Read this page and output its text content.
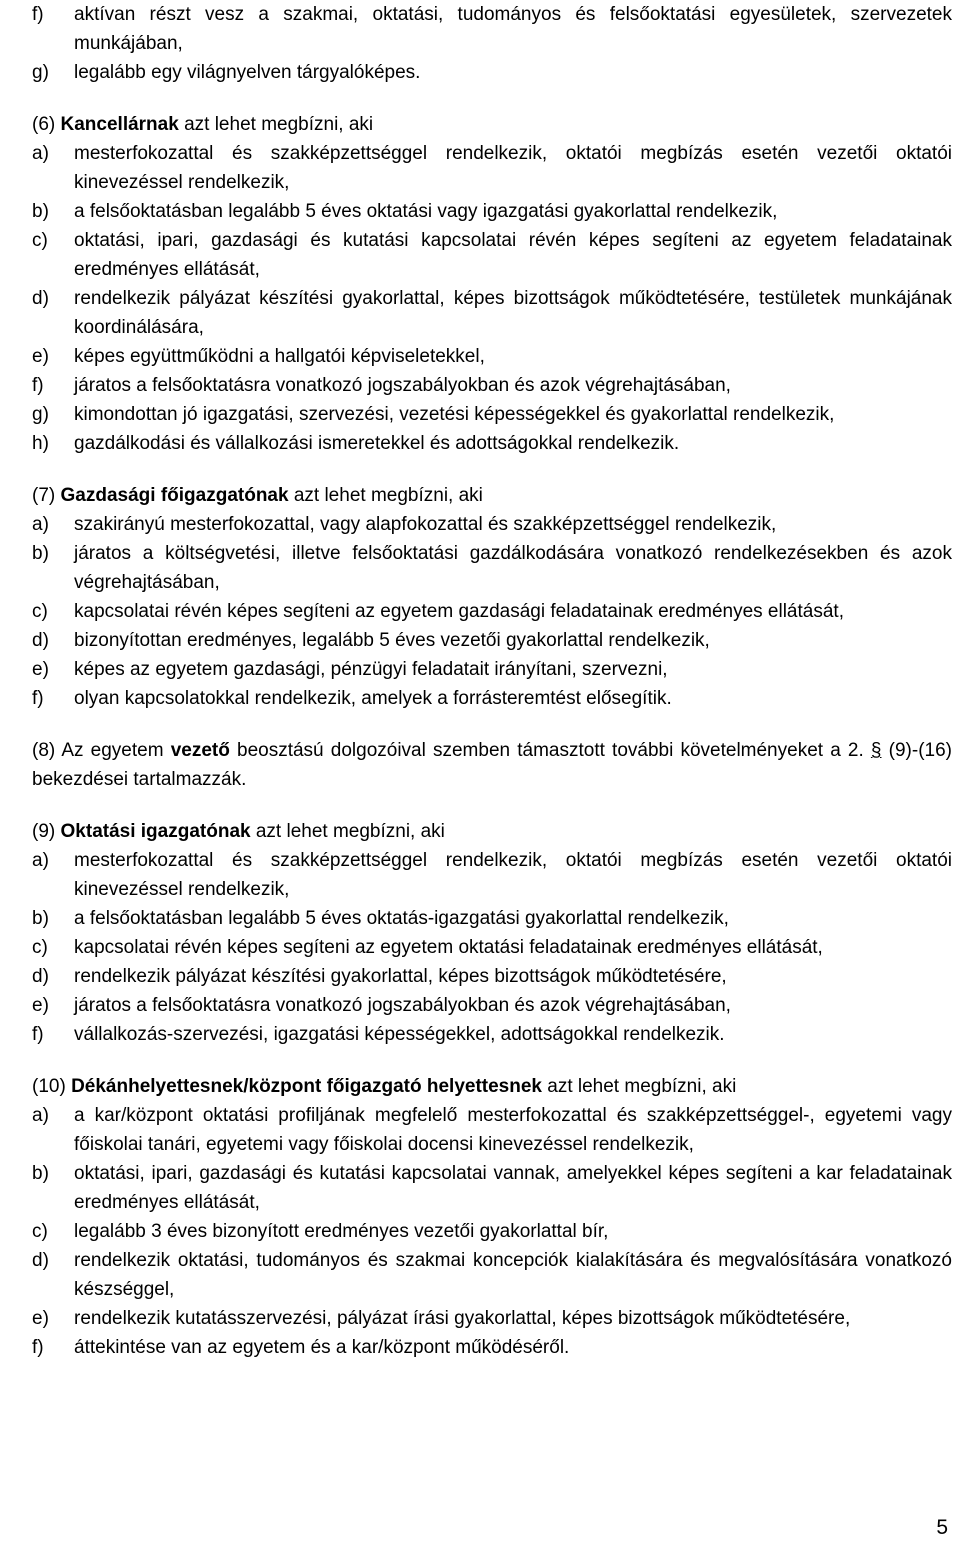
f) aktívan részt vesz a szakmai, oktatási, tudományos és felsőoktatási egyesületek, szervezetek munkájában,

g) legalább egy világnyelven tárgyalóképes.

(6) Kancellárnak azt lehet megbízni, aki

a) mesterfokozattal és szakképzettséggel rendelkezik, oktatói megbízás esetén vezetői oktatói kinevezéssel rendelkezik,

b) a felsőoktatásban legalább 5 éves oktatási vagy igazgatási gyakorlattal rendelkezik,

c) oktatási, ipari, gazdasági és kutatási kapcsolatai révén képes segíteni az egyetem feladatainak eredményes ellátását,

d) rendelkezik pályázat készítési gyakorlattal, képes bizottságok működtetésére, testületek munkájának koordinálására,

e) képes együttműködni a hallgatói képviseletekkel,

f) járatos a felsőoktatásra vonatkozó jogszabályokban és azok végrehajtásában,

g) kimondottan jó igazgatási, szervezési, vezetési képességekkel és gyakorlattal rendelkezik,

h) gazdálkodási és vállalkozási ismeretekkel és adottságokkal rendelkezik.

(7) Gazdasági főigazgatónak azt lehet megbízni, aki

a) szakirányú mesterfokozattal, vagy alapfokozattal és szakképzettséggel rendelkezik,

b) járatos a költségvetési, illetve felsőoktatási gazdálkodására vonatkozó rendelkezésekben és azok végrehajtásában,

c) kapcsolatai révén képes segíteni az egyetem gazdasági feladatainak eredményes ellátását,

d) bizonyítottan eredményes, legalább 5 éves vezetői gyakorlattal rendelkezik,

e) képes az egyetem gazdasági, pénzügyi feladatait irányítani, szervezni,

f) olyan kapcsolatokkal rendelkezik, amelyek a forrásteremtést elősegítik.

(8) Az egyetem vezető beosztású dolgozóival szemben támasztott további követelményeket a 2. § (9)-(16) bekezdései tartalmazzák.

(9) Oktatási igazgatónak azt lehet megbízni, aki

a) mesterfokozattal és szakképzettséggel rendelkezik, oktatói megbízás esetén vezetői oktatói kinevezéssel rendelkezik,

b) a felsőoktatásban legalább 5 éves oktatás-igazgatási gyakorlattal rendelkezik,

c) kapcsolatai révén képes segíteni az egyetem oktatási feladatainak eredményes ellátását,

d) rendelkezik pályázat készítési gyakorlattal, képes bizottságok működtetésére,

e) járatos a felsőoktatásra vonatkozó jogszabályokban és azok végrehajtásában,

f) vállalkozás-szervezési, igazgatási képességekkel, adottságokkal rendelkezik.

(10) Dékánhelyettesnek/központ főigazgató helyettesnek azt lehet megbízni, aki

a) a kar/központ oktatási profiljának megfelelő mesterfokozattal és szakképzettséggel-, egyetemi vagy főiskolai tanári, egyetemi vagy főiskolai docensi kinevezéssel rendelkezik,

b) oktatási, ipari, gazdasági és kutatási kapcsolatai vannak, amelyekkel képes segíteni a kar feladatainak eredményes ellátását,

c) legalább 3 éves bizonyított eredményes vezetői gyakorlattal bír,

d) rendelkezik oktatási, tudományos és szakmai koncepciók kialakítására és megvalósítására vonatkozó készséggel,

e) rendelkezik kutatásszervezési, pályázat írási gyakorlattal, képes bizottságok működtetésére,

f) áttekintése van az egyetem és a kar/központ működéséről.

5
